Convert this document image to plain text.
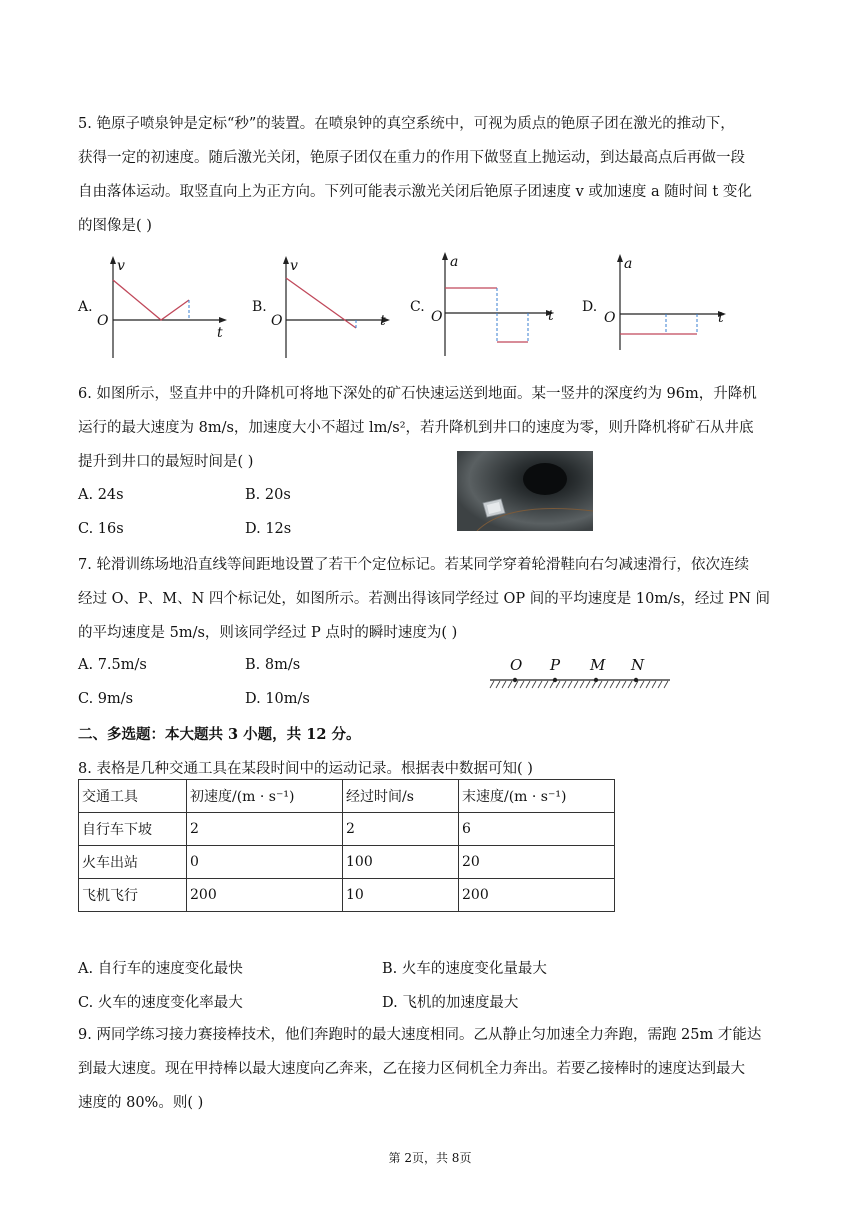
5. 铯原子喷泉钟是定标“秒”的装置。在喷泉钟的真空系统中，可视为质点的铯原子团在激光的推动下，
获得一定的初速度。随后激光关闭，铯原子团仅在重力的作用下做竖直上抛运动，到达最高点后再做一段
自由落体运动。取竖直向上为正方向。下列可能表示激光关闭后铯原子团速度 v 或加速度 a 随时间 t 变化
的图像是( )
A.
v
t
O
B.
v
t
O
C.
a
t
O
D.
a
t
O
6. 如图所示，竖直井中的升降机可将地下深处的矿石快速运送到地面。某一竖井的深度约为 96m，升降机
运行的最大速度为 8m/s，加速度大小不超过 lm/s²，若升降机到井口的速度为零，则升降机将矿石从井底
提升到井口的最短时间是( )
A. 24s	B. 20s
C. 16s	D. 12s
7. 轮滑训练场地沿直线等间距地设置了若干个定位标记。若某同学穿着轮滑鞋向右匀减速滑行，依次连续
经过 O、P、M、N 四个标记处，如图所示。若测出得该同学经过 OP 间的平均速度是 10m/s，经过 PN 间
的平均速度是 5m/s，则该同学经过 P 点时的瞬时速度为( )
A. 7.5m/s	B. 8m/s
C. 9m/s	D. 10m/s
O P M N
二、多选题：本大题共 3 小题，共 12 分。
8. 表格是几种交通工具在某段时间中的运动记录。根据表中数据可知( )
交通工具	初速度/(m · s⁻¹)	经过时间/s	末速度/(m · s⁻¹)
自行车下坡	2	2	6
火车出站	0	100	20
飞机飞行	200	10	200
A. 自行车的速度变化最快	B. 火车的速度变化量最大
C. 火车的速度变化率最大	D. 飞机的加速度最大
9. 两同学练习接力赛接棒技术，他们奔跑时的最大速度相同。乙从静止匀加速全力奔跑，需跑 25m 才能达
到最大速度。现在甲持棒以最大速度向乙奔来，乙在接力区伺机全力奔出。若要乙接棒时的速度达到最大
速度的 80%。则( )
第 2页，共 8页
